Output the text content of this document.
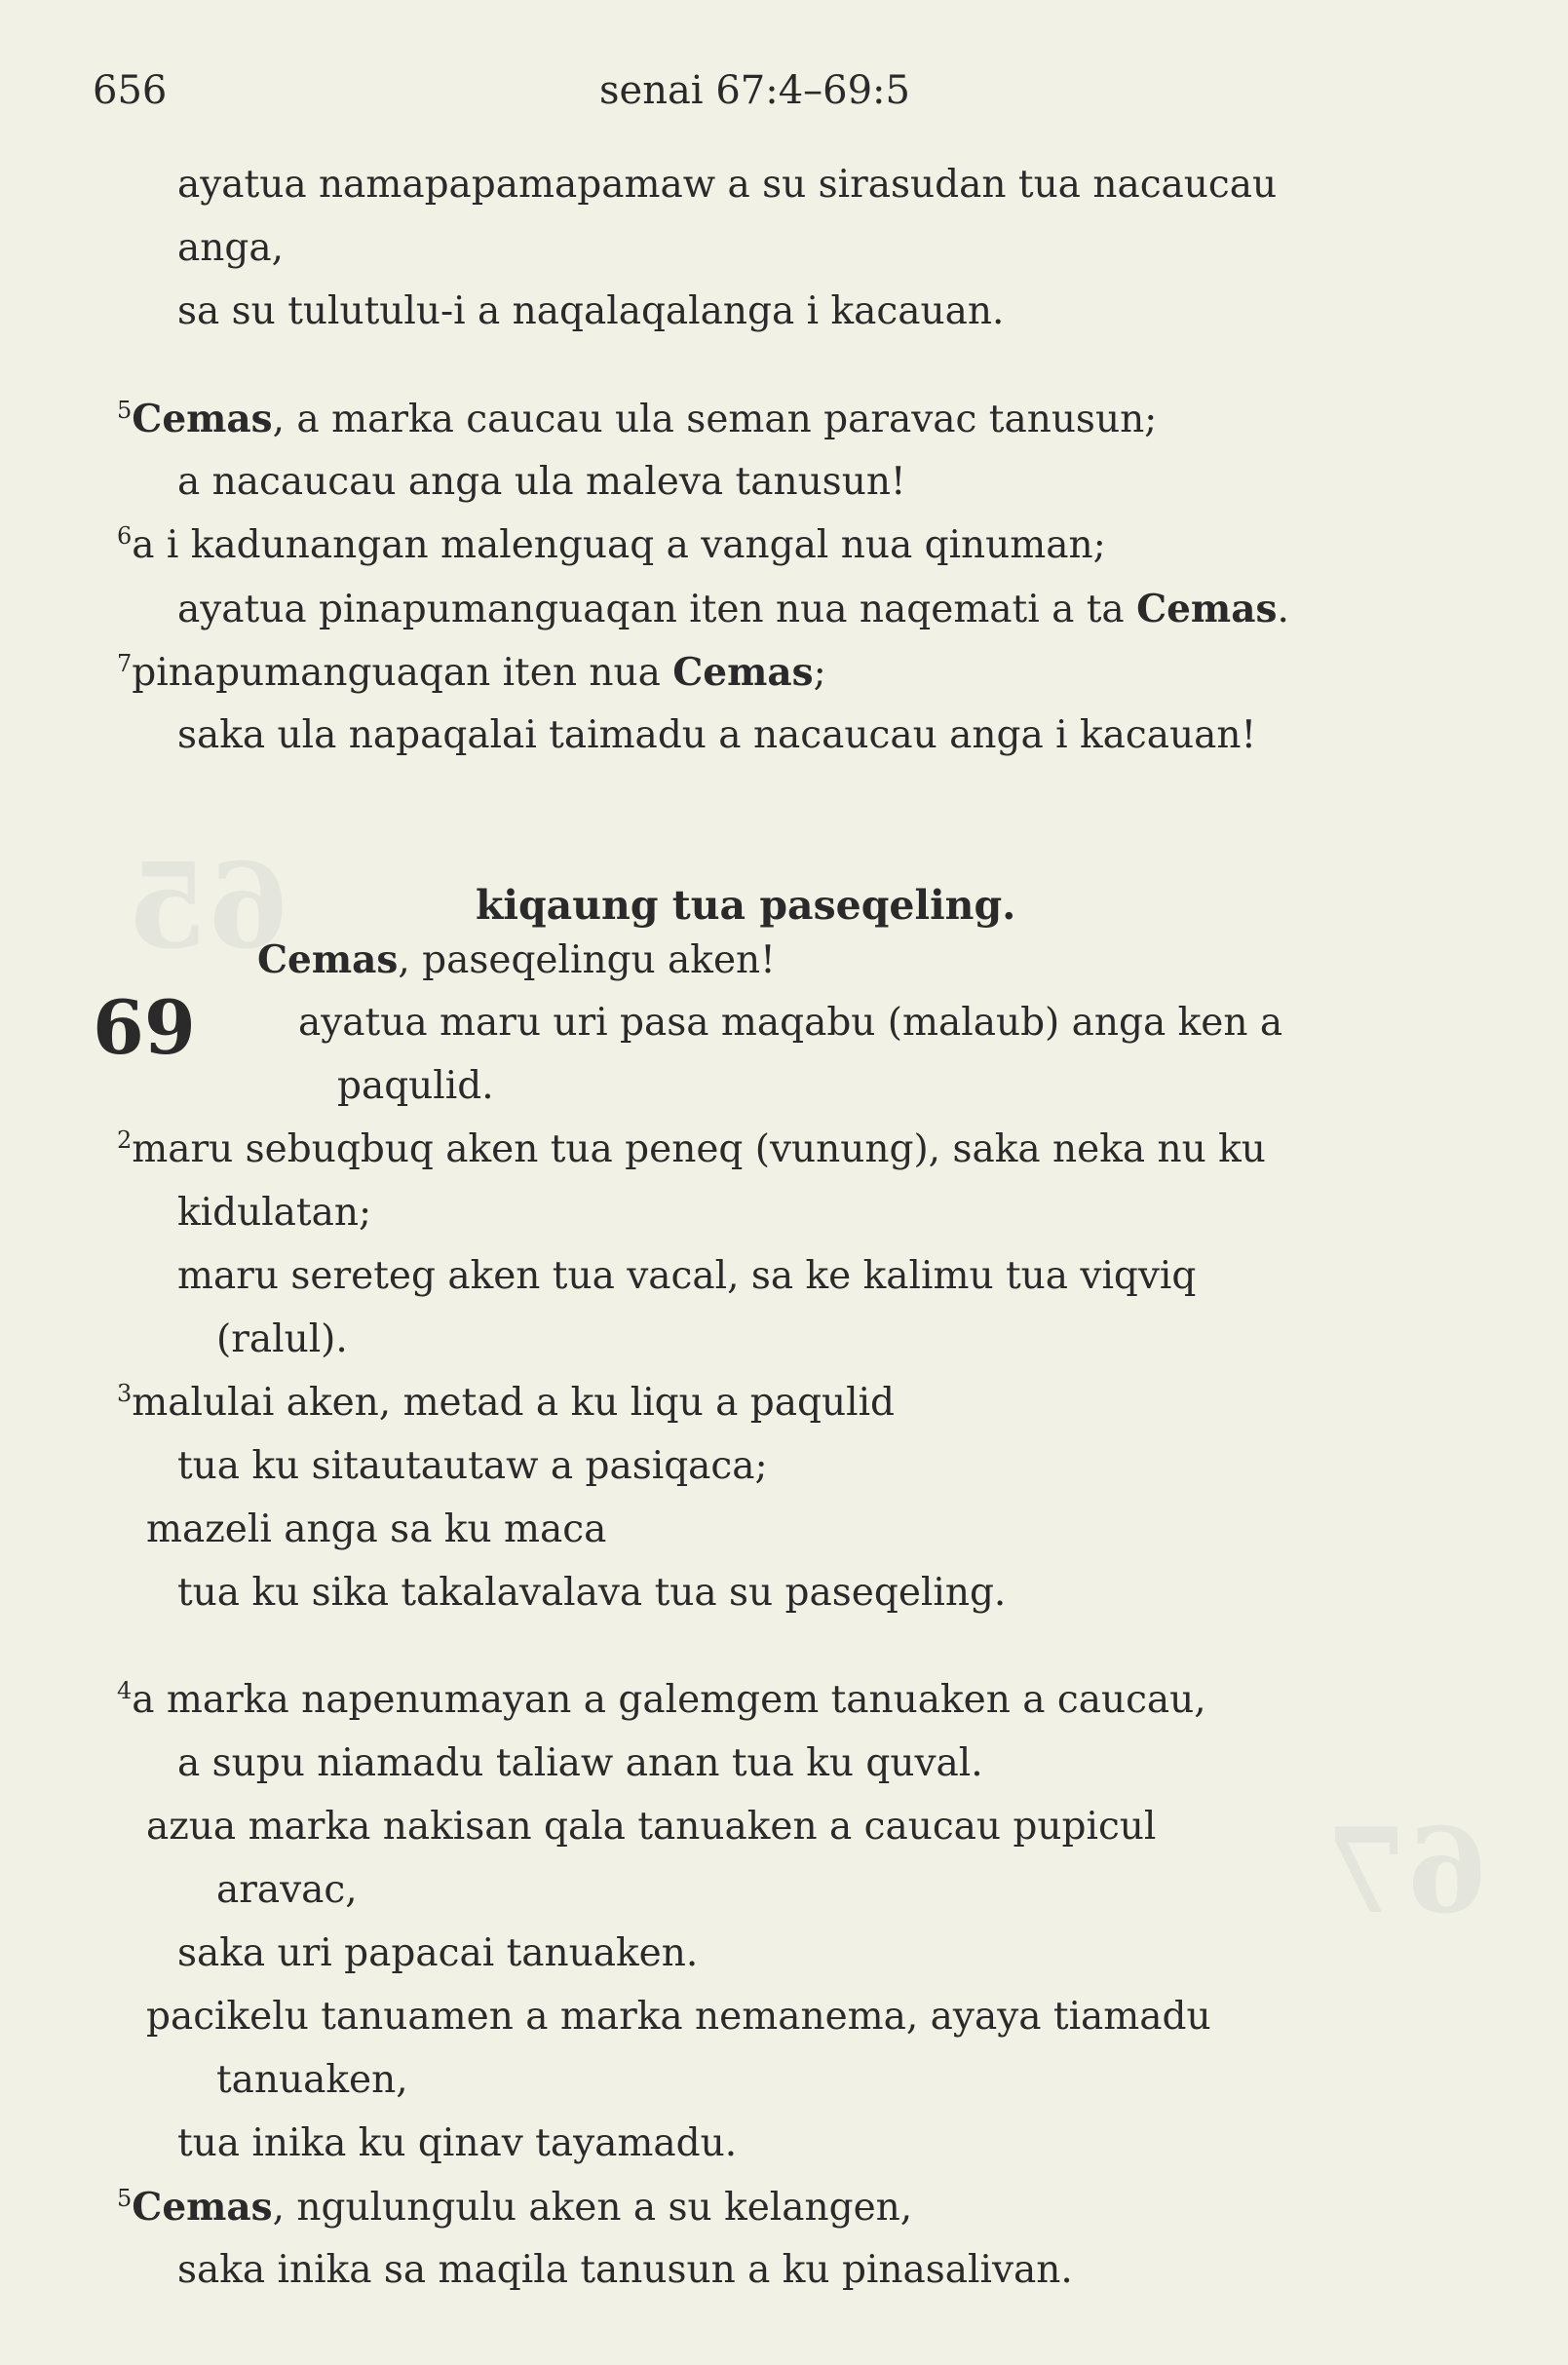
65
67
656	senai 67:4–69:5
kiqaung tua paseqeling.
69
ayatua namapapamapamaw a su sirasudan tua nacaucau
anga,
sa su tulutulu-i a naqalaqalanga i kacauan.
$^5$Cemas, a marka caucau ula seman paravac tanusun;
a nacaucau anga ula maleva tanusun!
$^6$a i kadunangan malenguaq a vangal nua qinuman;
ayatua pinapumanguaqan iten nua naqemati a ta Cemas.
$^7$pinapumanguaqan iten nua Cemas;
saka ula napaqalai taimadu a nacaucau anga i kacauan!
Cemas, paseqelingu aken!
ayatua maru uri pasa maqabu (malaub) anga ken a
paqulid.
$^2$maru sebuqbuq aken tua peneq (vunung), saka neka nu ku
kidulatan;
maru sereteg aken tua vacal, sa ke kalimu tua viqviq
(ralul).
$^3$malulai aken, metad a ku liqu a paqulid
tua ku sitautautaw a pasiqaca;
mazeli anga sa ku maca
tua ku sika takalavalava tua su paseqeling.
$^4$a marka napenumayan a galemgem tanuaken a caucau,
a supu niamadu taliaw anan tua ku quval.
azua marka nakisan qala tanuaken a caucau pupicul
aravac,
saka uri papacai tanuaken.
pacikelu tanuamen a marka nemanema, ayaya tiamadu
tanuaken,
tua inika ku qinav tayamadu.
$^5$Cemas, ngulungulu aken a su kelangen,
saka inika sa maqila tanusun a ku pinasalivan.
